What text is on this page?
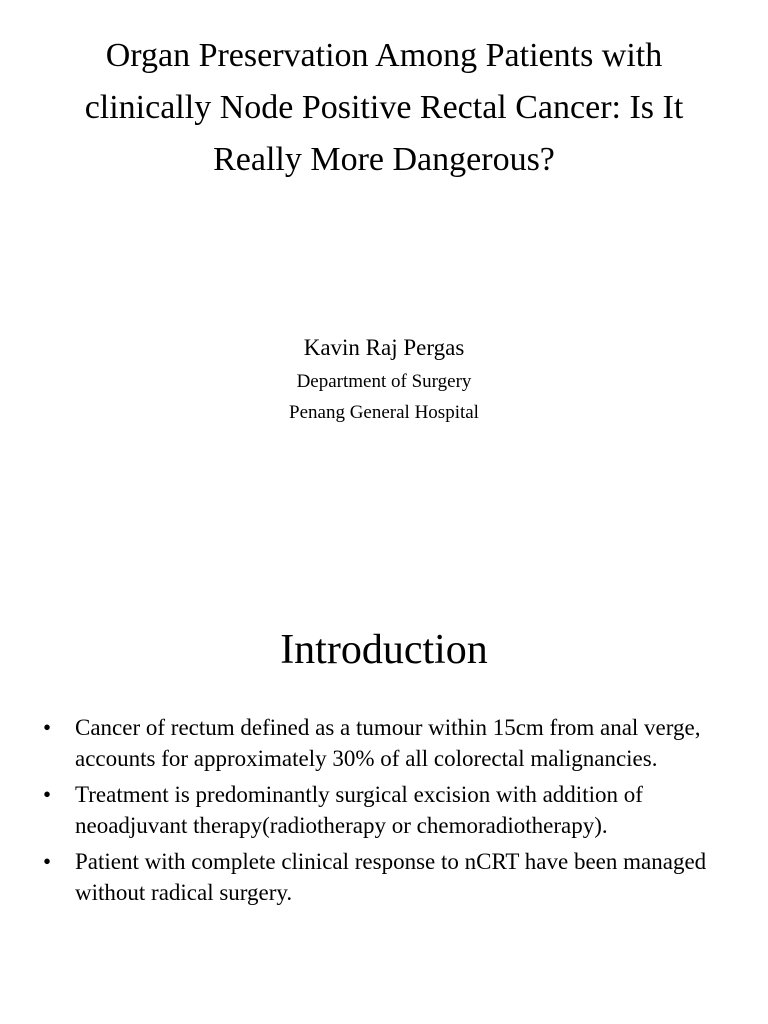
Organ Preservation Among Patients with clinically Node Positive Rectal Cancer: Is It Really More Dangerous?

Kavin Raj Pergas

Department of Surgery

Penang General Hospital

Introduction
• Cancer of rectum defined as a tumour within 15cm from anal verge, accounts for approximately 30% of all colorectal malignancies.
• Treatment is predominantly surgical excision with addition of neoadjuvant therapy(radiotherapy or chemoradiotherapy).
• Patient with complete clinical response to nCRT have been managed without radical surgery.
